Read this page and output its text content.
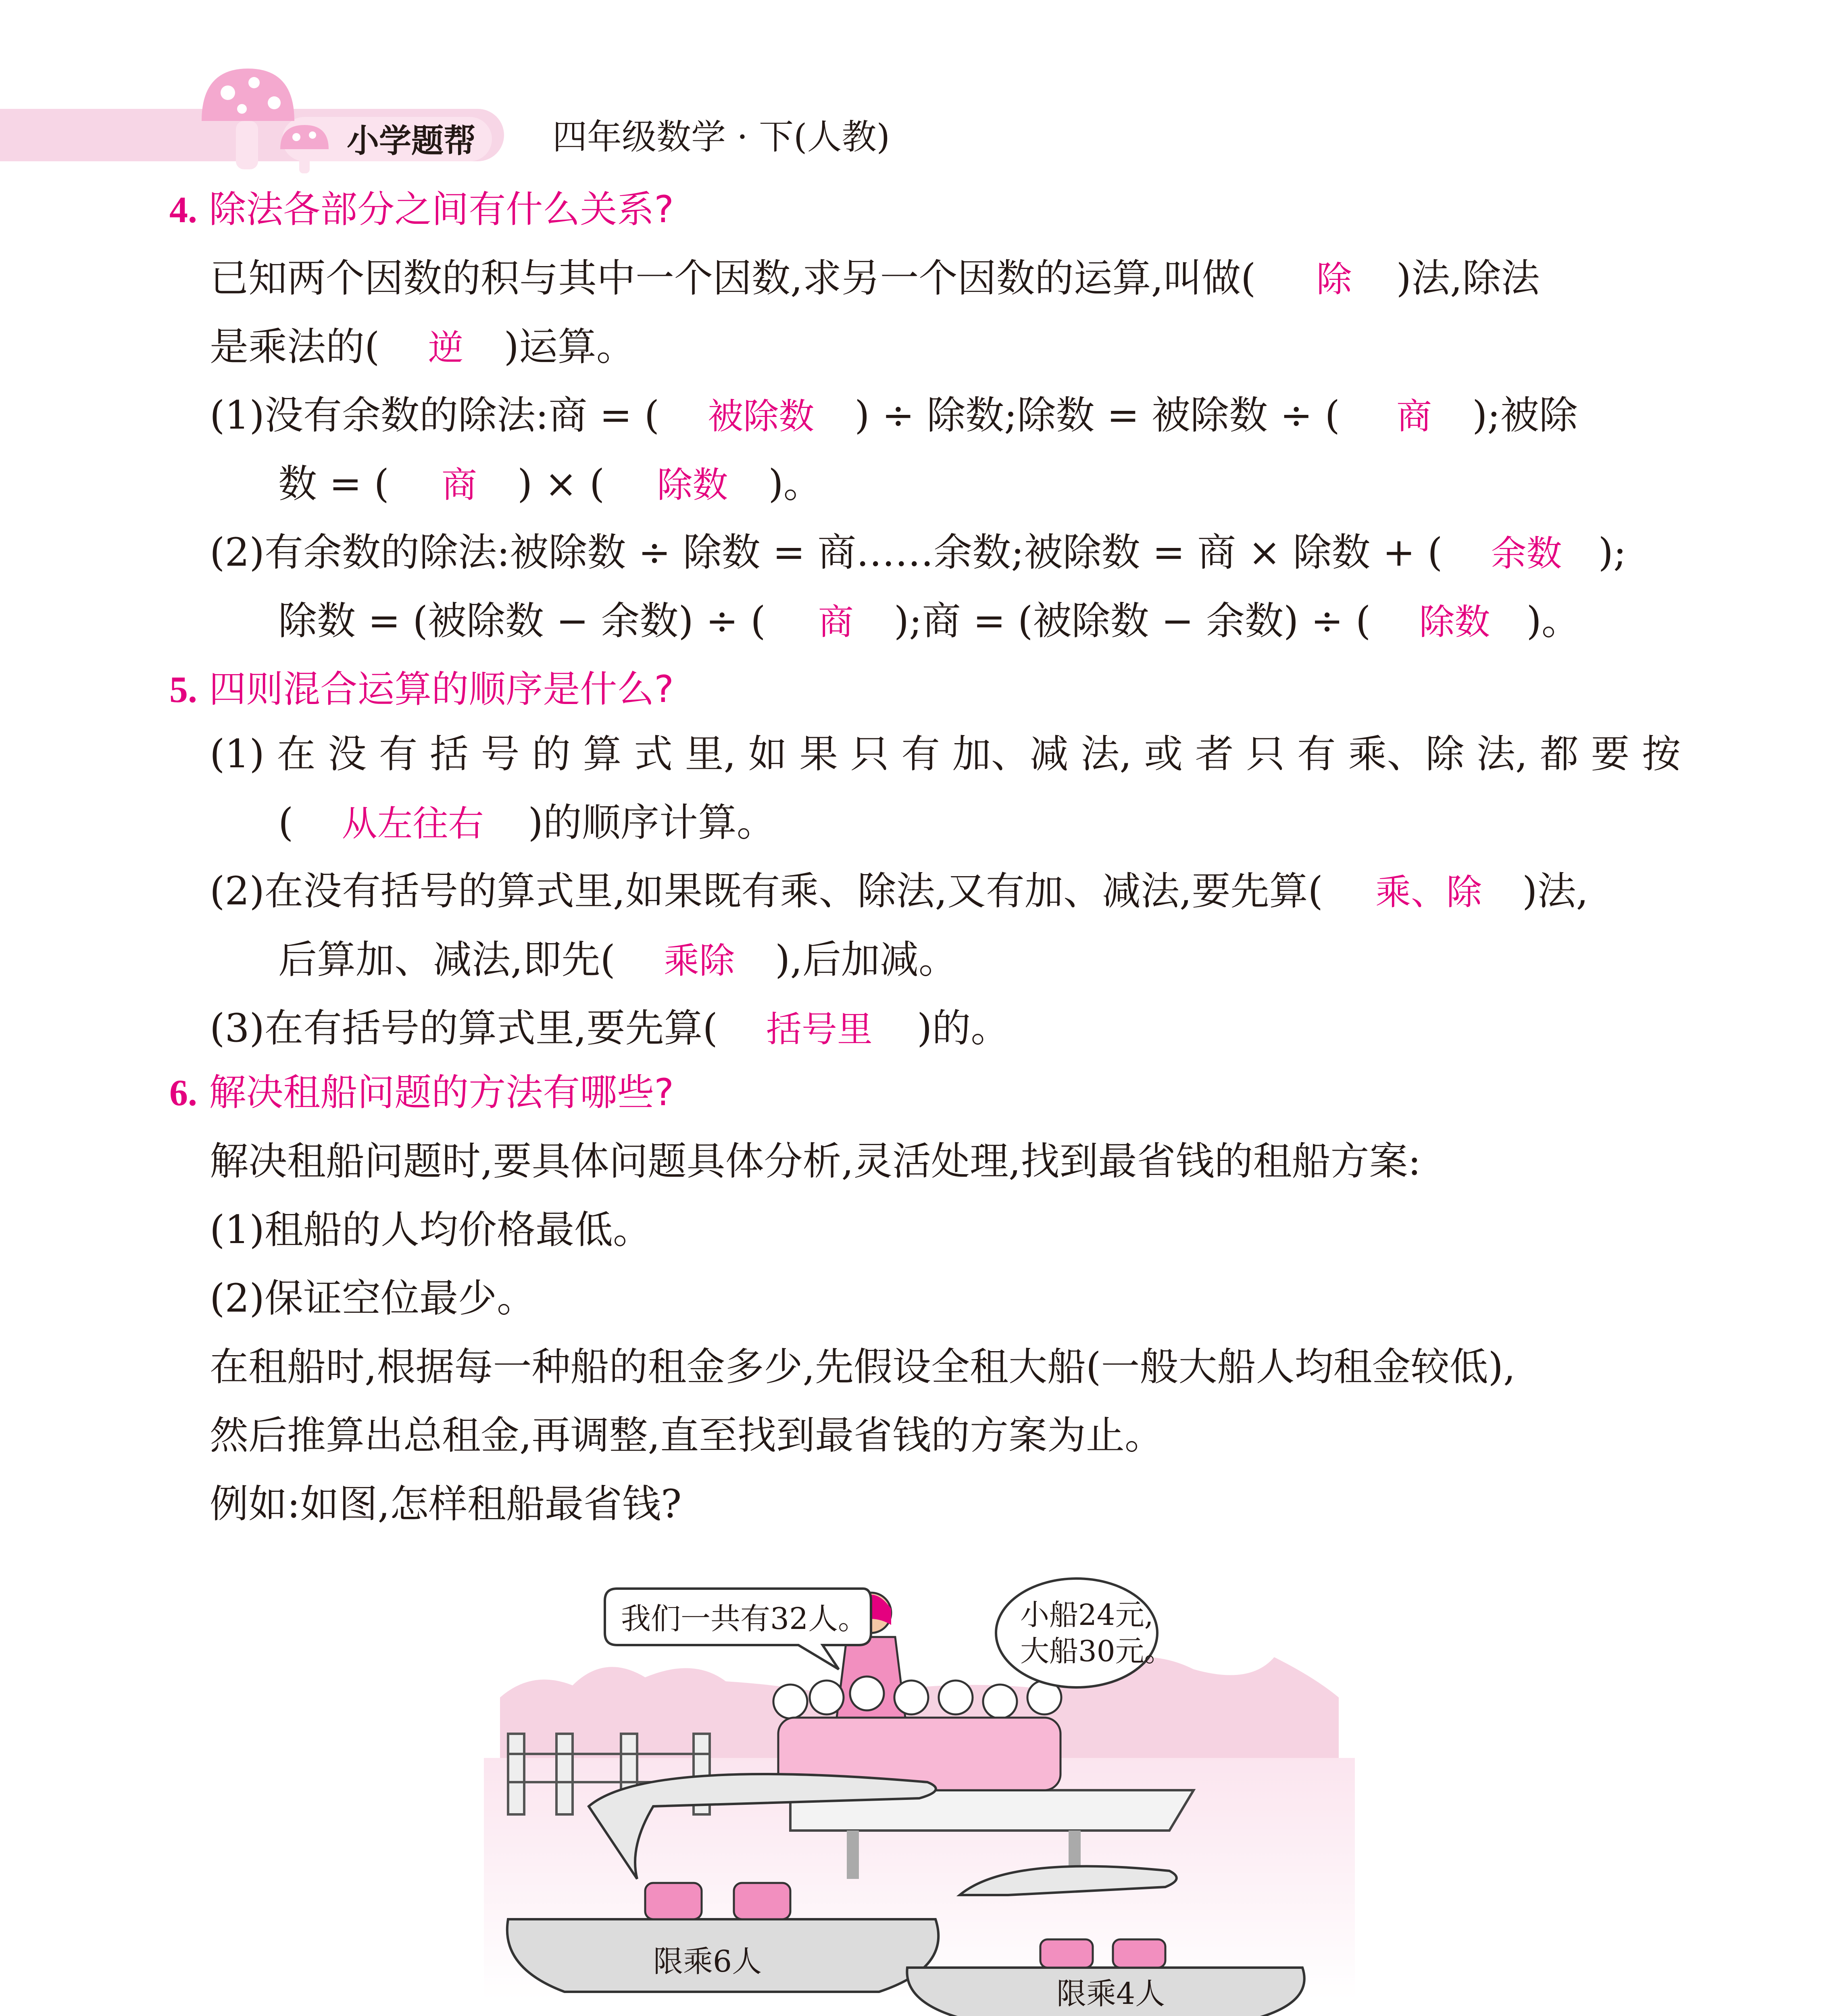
小学题帮 四年级数学 · 下(人教)
4. 除法各部分之间有什么关系?
已知两个因数的积与其中一个因数,求另一个因数的运算,叫做( 除 )法,除法
是乘法的( 逆 )运算。
(1)没有余数的除法:商 = ( 被除数 ) ÷ 除数;除数 = 被除数 ÷ ( 商 );被除
数 = ( 商 ) × ( 除数 )。
(2)有余数的除法:被除数 ÷ 除数 = 商……余数;被除数 = 商 × 除数 + ( 余数 );
除数 = (被除数 − 余数) ÷ ( 商 );商 = (被除数 − 余数) ÷ ( 除数 )。
5. 四则混合运算的顺序是什么?
(1) 在 没 有 括 号 的 算 式 里, 如 果 只 有 加、减 法, 或 者 只 有 乘、除 法, 都 要 按
( 从左往右 )的顺序计算。
(2)在没有括号的算式里,如果既有乘、除法,又有加、减法,要先算( 乘、除 )法,
后算加、减法,即先( 乘除 ),后加减。
(3)在有括号的算式里,要先算( 括号里 )的。
6. 解决租船问题的方法有哪些?
解决租船问题时,要具体问题具体分析,灵活处理,找到最省钱的租船方案:
(1)租船的人均价格最低。
(2)保证空位最少。
在租船时,根据每一种船的租金多少,先假设全租大船(一般大船人均租金较低),
然后推算出总租金,再调整,直至找到最省钱的方案为止。
例如:如图,怎样租船最省钱?
我们一共有32人。	小船24元,
大船30元。
限乘6人
限乘4人
